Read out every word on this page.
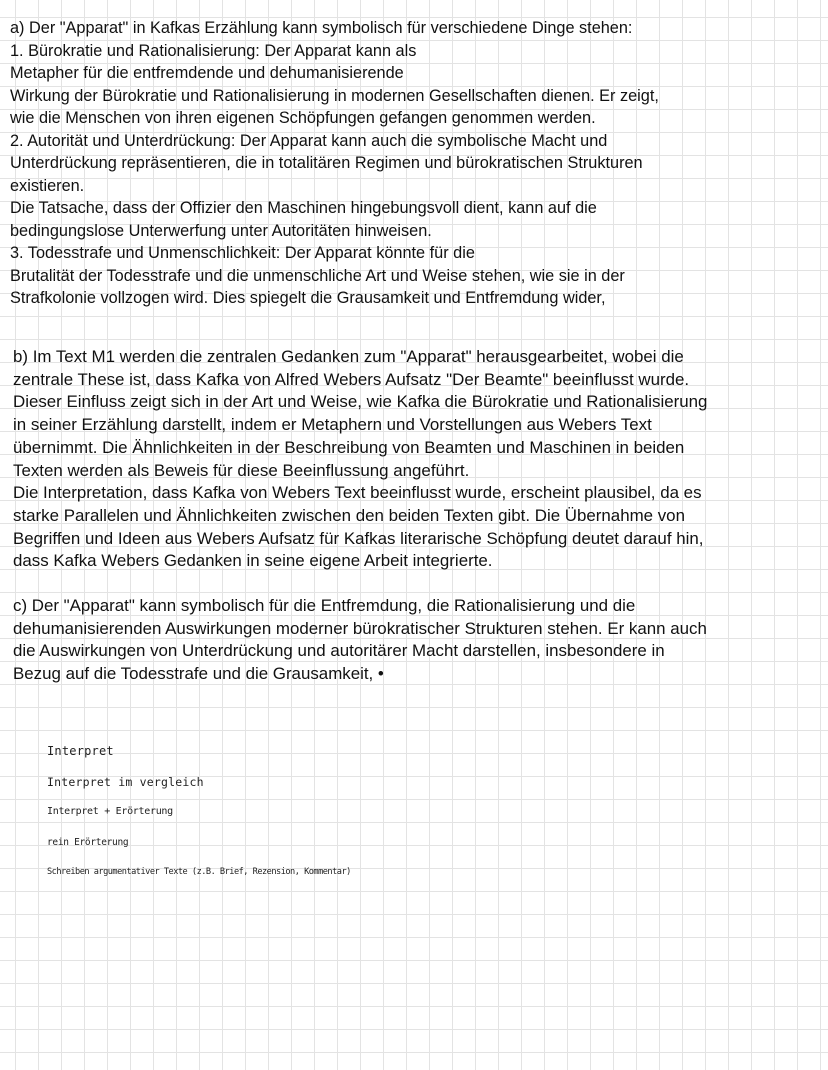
a) Der "Apparat" in Kafkas Erzählung kann symbolisch für verschiedene Dinge stehen:

1. Bürokratie und Rationalisierung: Der Apparat kann als

Metapher für die entfremdende und dehumanisierende

Wirkung der Bürokratie und Rationalisierung in modernen Gesellschaften dienen. Er zeigt,

wie die Menschen von ihren eigenen Schöpfungen gefangen genommen werden.

2. Autorität und Unterdrückung: Der Apparat kann auch die symbolische Macht und

Unterdrückung repräsentieren, die in totalitären Regimen und bürokratischen Strukturen

existieren.

Die Tatsache, dass der Offizier den Maschinen hingebungsvoll dient, kann auf die

bedingungslose Unterwerfung unter Autoritäten hinweisen.

3. Todesstrafe und Unmenschlichkeit: Der Apparat könnte für die

Brutalität der Todesstrafe und die unmenschliche Art und Weise stehen, wie sie in der

Strafkolonie vollzogen wird. Dies spiegelt die Grausamkeit und Entfremdung wider,

b) Im Text M1 werden die zentralen Gedanken zum "Apparat" herausgearbeitet, wobei die

zentrale These ist, dass Kafka von Alfred Webers Aufsatz "Der Beamte" beeinflusst wurde.

Dieser Einfluss zeigt sich in der Art und Weise, wie Kafka die Bürokratie und Rationalisierung

in seiner Erzählung darstellt, indem er Metaphern und Vorstellungen aus Webers Text

übernimmt. Die Ähnlichkeiten in der Beschreibung von Beamten und Maschinen in beiden

Texten werden als Beweis für diese Beeinflussung angeführt.

Die Interpretation, dass Kafka von Webers Text beeinflusst wurde, erscheint plausibel, da es

starke Parallelen und Ähnlichkeiten zwischen den beiden Texten gibt. Die Übernahme von

Begriffen und Ideen aus Webers Aufsatz für Kafkas literarische Schöpfung deutet darauf hin,

dass Kafka Webers Gedanken in seine eigene Arbeit integrierte.

c) Der "Apparat" kann symbolisch für die Entfremdung, die Rationalisierung und die

dehumanisierenden Auswirkungen moderner bürokratischer Strukturen stehen. Er kann auch

die Auswirkungen von Unterdrückung und autoritärer Macht darstellen, insbesondere in

Bezug auf die Todesstrafe und die Grausamkeit, •

Interpret
Interpret im vergleich
Interpret + Erörterung
rein Erörterung
Schreiben argumentativer Texte (z.B. Brief, Rezension, Kommentar)
